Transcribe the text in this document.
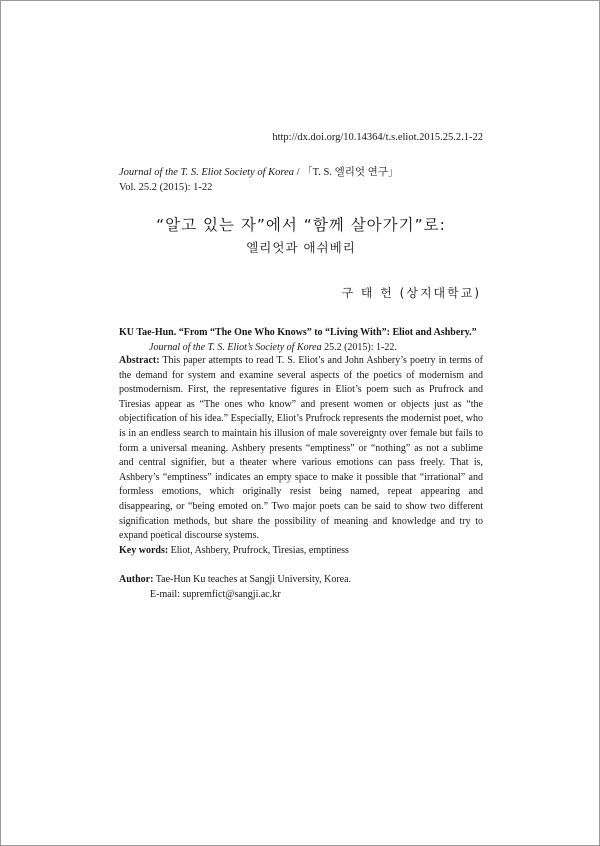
http://dx.doi.org/10.14364/t.s.eliot.2015.25.2.1-22
Journal of the T. S. Eliot Society of Korea / 「T. S. 엘리엇 연구」
Vol. 25.2 (2015): 1-22
“알고 있는 자”에서 “함께 살아가기”로:
엘리엇과 애쉬베리
구 태 헌 (상지대학교)
KU Tae-Hun. “From “The One Who Knows” to “Living With”: Eliot and Ashbery.”
Journal of the T. S. Eliot’s Society of Korea 25.2 (2015): 1-22.
Abstract: This paper attempts to read T. S. Eliot’s and John Ashbery’s poetry in terms of the demand for system and examine several aspects of the poetics of modernism and postmodernism. First, the representative figures in Eliot’s poem such as Prufrock and Tiresias appear as “The ones who know” and present women or objects just as “the objectification of his idea.” Especially, Eliot’s Prufrock represents the modernist poet, who is in an endless search to maintain his illusion of male sovereignty over female but fails to form a universal meaning. Ashbery presents “emptiness” or “nothing” as not a sublime and central signifier, but a theater where various emotions can pass freely. That is, Ashbery’s “emptiness” indicates an empty space to make it possible that “irrational” and formless emotions, which originally resist being named, repeat appearing and disappearing, or “being emoted on.” Two major poets can be said to show two different signification methods, but share the possibility of meaning and knowledge and try to expand poetical discourse systems.
Key words: Eliot, Ashbery, Prufrock, Tiresias, emptiness
Author: Tae-Hun Ku teaches at Sangji University, Korea.
E-mail: supremfict@sangji.ac.kr
